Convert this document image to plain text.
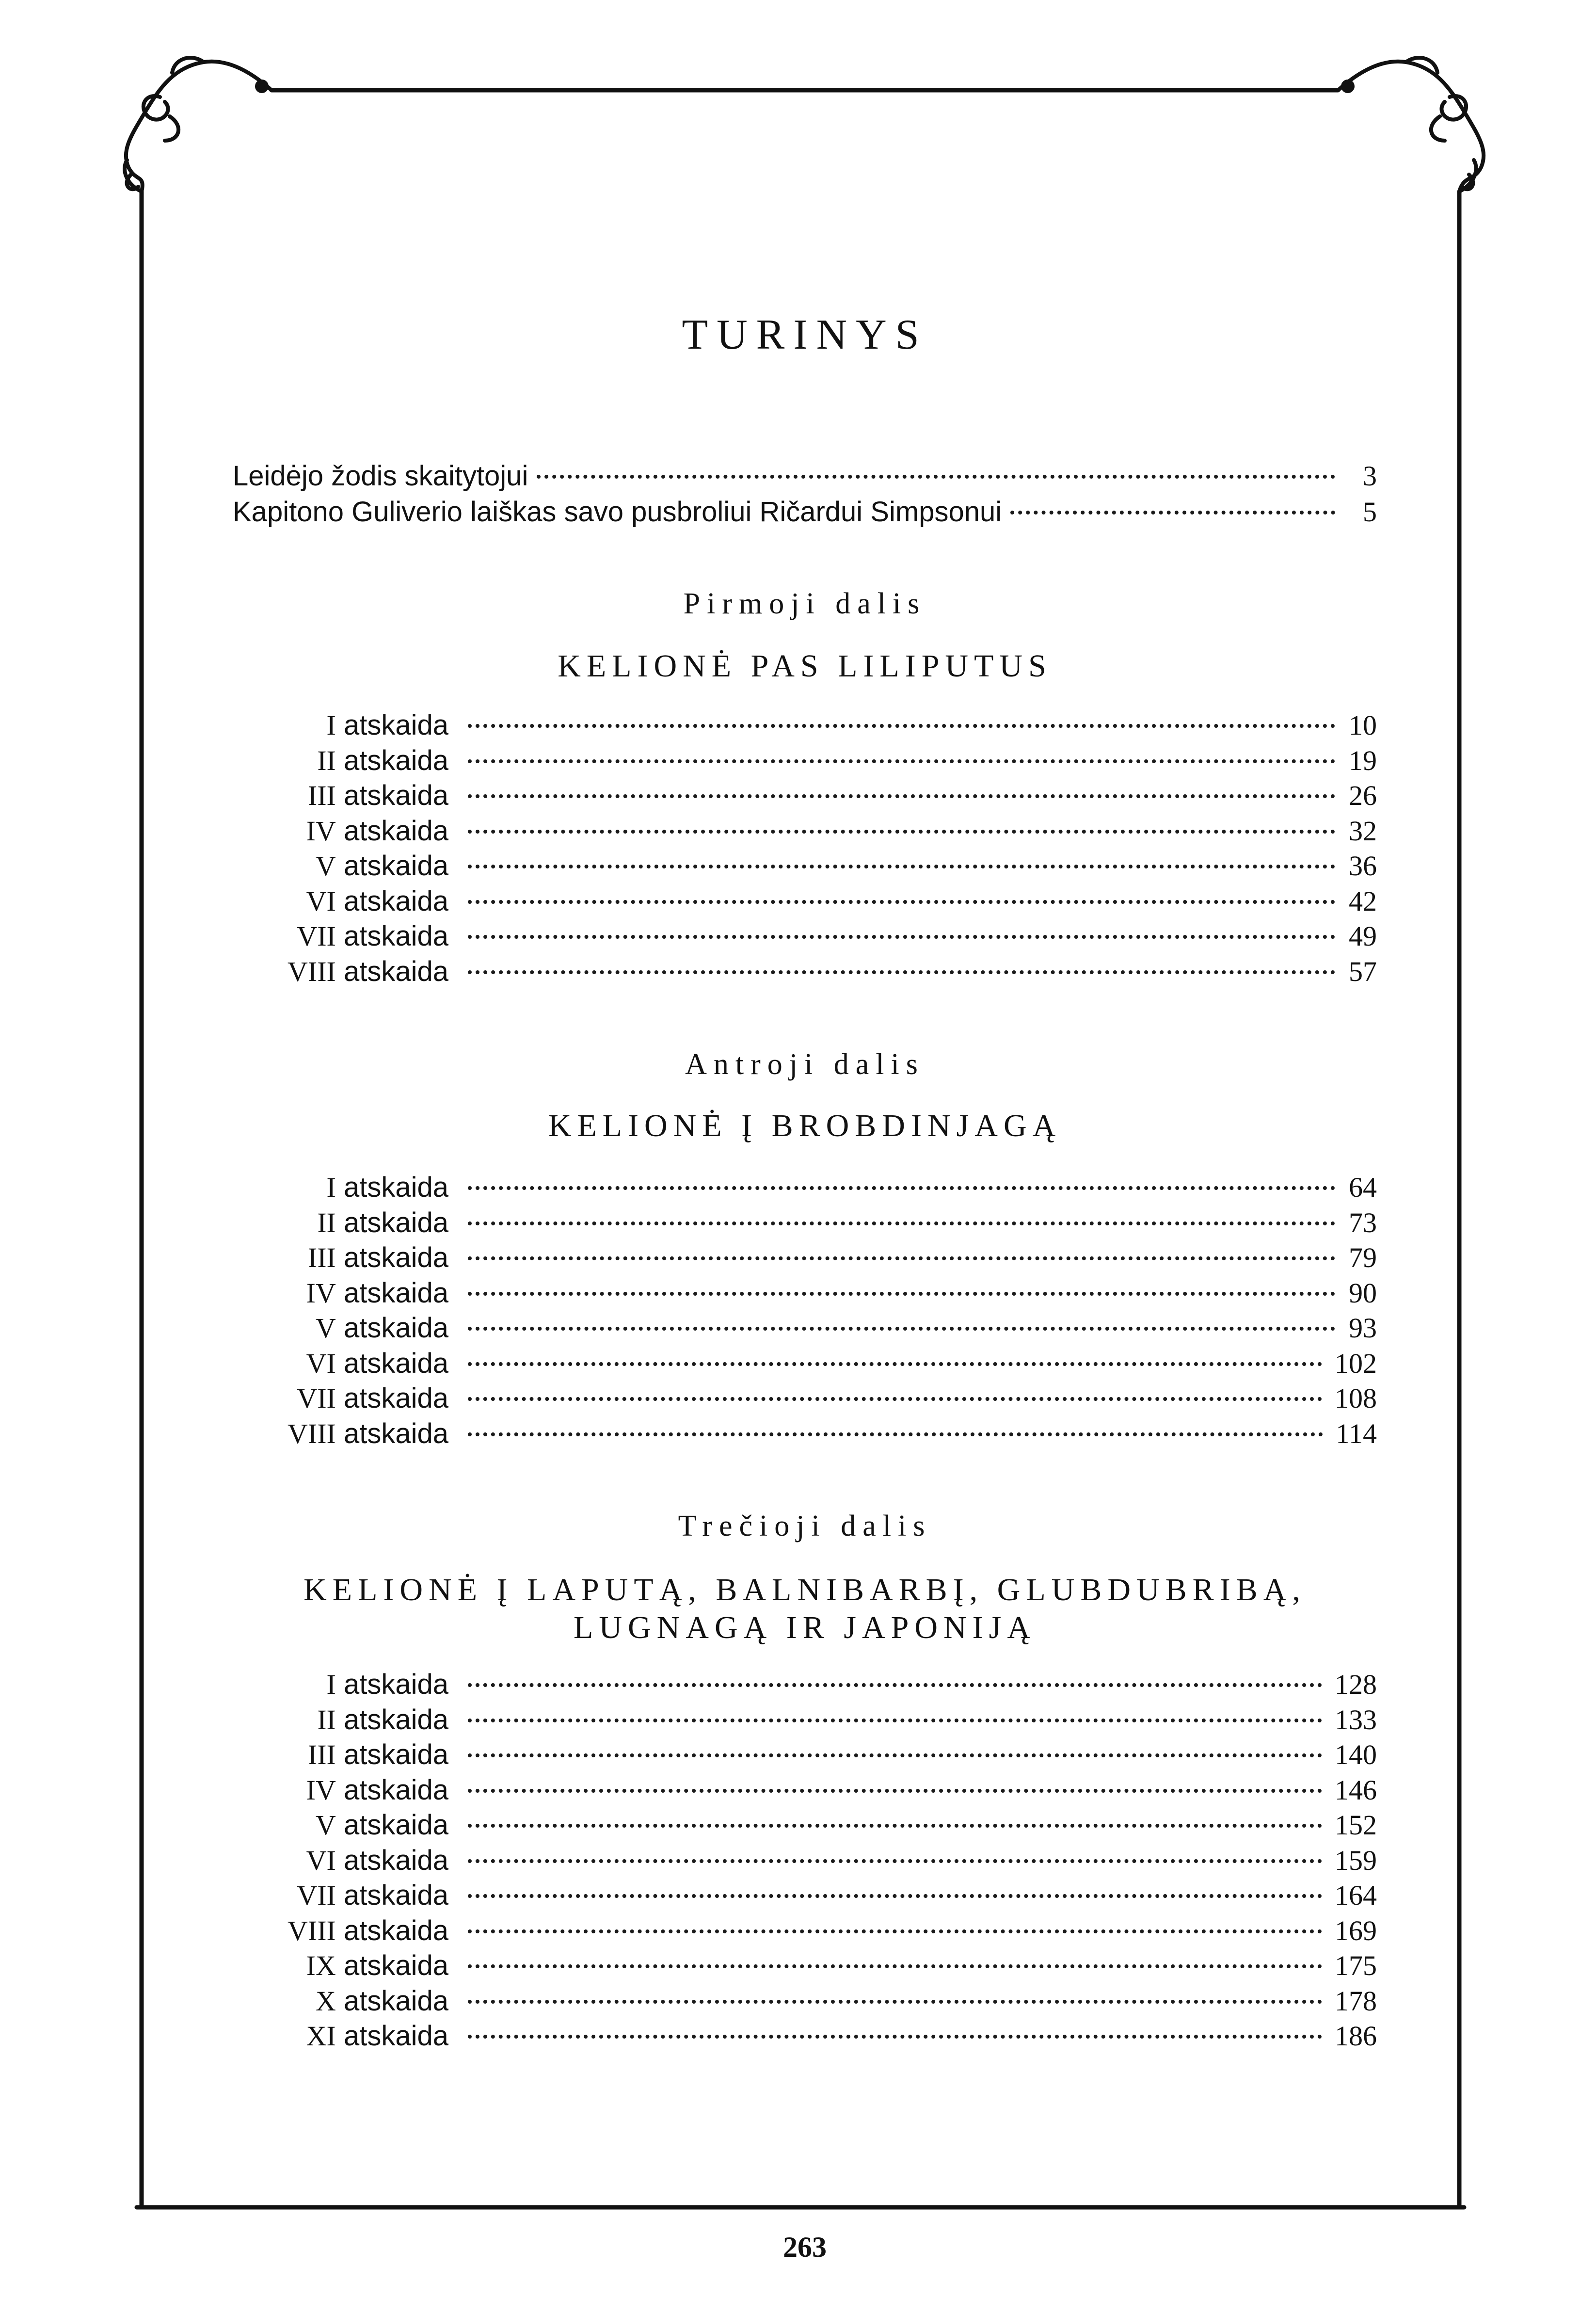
TURINYS
Leidėjo žodis skaitytojui	3
Kapitono Guliverio laiškas savo pusbroliui Ričardui Simpsonui	5
Pirmoji dalis
KELIONĖ PAS LILIPUTUS
I atskaida	10
II atskaida	19
III atskaida	26
IV atskaida	32
V atskaida	36
VI atskaida	42
VII atskaida	49
VIII atskaida	57
Antroji dalis
KELIONĖ Į BROBDINJAGĄ
I atskaida	64
II atskaida	73
III atskaida	79
IV atskaida	90
V atskaida	93
VI atskaida	102
VII atskaida	108
VIII atskaida	114
Trečioji dalis
KELIONĖ Į LAPUTĄ, BALNIBARBĮ, GLUBDUBRIBĄ,
LUGNAGĄ IR JAPONIJĄ
I atskaida	128
II atskaida	133
III atskaida	140
IV atskaida	146
V atskaida	152
VI atskaida	159
VII atskaida	164
VIII atskaida	169
IX atskaida	175
X atskaida	178
XI atskaida	186
263
